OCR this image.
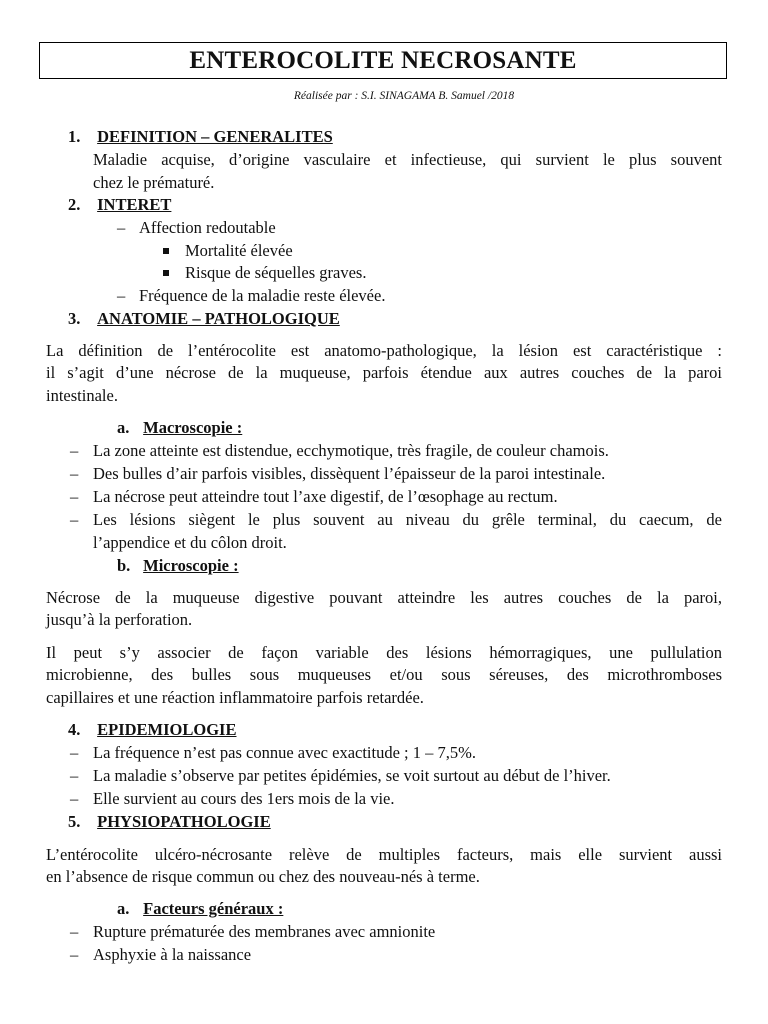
ENTEROCOLITE NECROSANTE
Réalisée par : S.I. SINAGAMA B. Samuel /2018
1. DEFINITION – GENERALITES
Maladie acquise, d’origine vasculaire et infectieuse, qui survient le plus souvent
chez le prématuré.
2. INTERET
– Affection redoutable
Mortalité élevée
Risque de séquelles graves.
– Fréquence de la maladie reste élevée.
3. ANATOMIE – PATHOLOGIQUE
La définition de l’entérocolite est anatomo-pathologique, la lésion est caractéristique :
il s’agit d’une nécrose de la muqueuse, parfois étendue aux autres couches de la paroi
intestinale.
a. Macroscopie :
– La zone atteinte est distendue, ecchymotique, très fragile, de couleur chamois.
– Des bulles d’air parfois visibles, dissèquent l’épaisseur de la paroi intestinale.
– La nécrose peut atteindre tout l’axe digestif, de l’œsophage au rectum.
– Les lésions siègent le plus souvent au niveau du grêle terminal, du caecum, de
l’appendice et du côlon droit.
b. Microscopie :
Nécrose de la muqueuse digestive pouvant atteindre les autres couches de la paroi,
jusqu’à la perforation.
Il peut s’y associer de façon variable des lésions hémorragiques, une pullulation
microbienne, des bulles sous muqueuses et/ou sous séreuses, des microthromboses
capillaires et une réaction inflammatoire parfois retardée.
4. EPIDEMIOLOGIE
– La fréquence n’est pas connue avec exactitude ; 1 – 7,5%.
– La maladie s’observe par petites épidémies, se voit surtout au début de l’hiver.
– Elle survient au cours des 1ers mois de la vie.
5. PHYSIOPATHOLOGIE
L’entérocolite ulcéro-nécrosante relève de multiples facteurs, mais elle survient aussi
en l’absence de risque commun ou chez des nouveau-nés à terme.
a. Facteurs généraux :
– Rupture prématurée des membranes avec amnionite
– Asphyxie à la naissance
